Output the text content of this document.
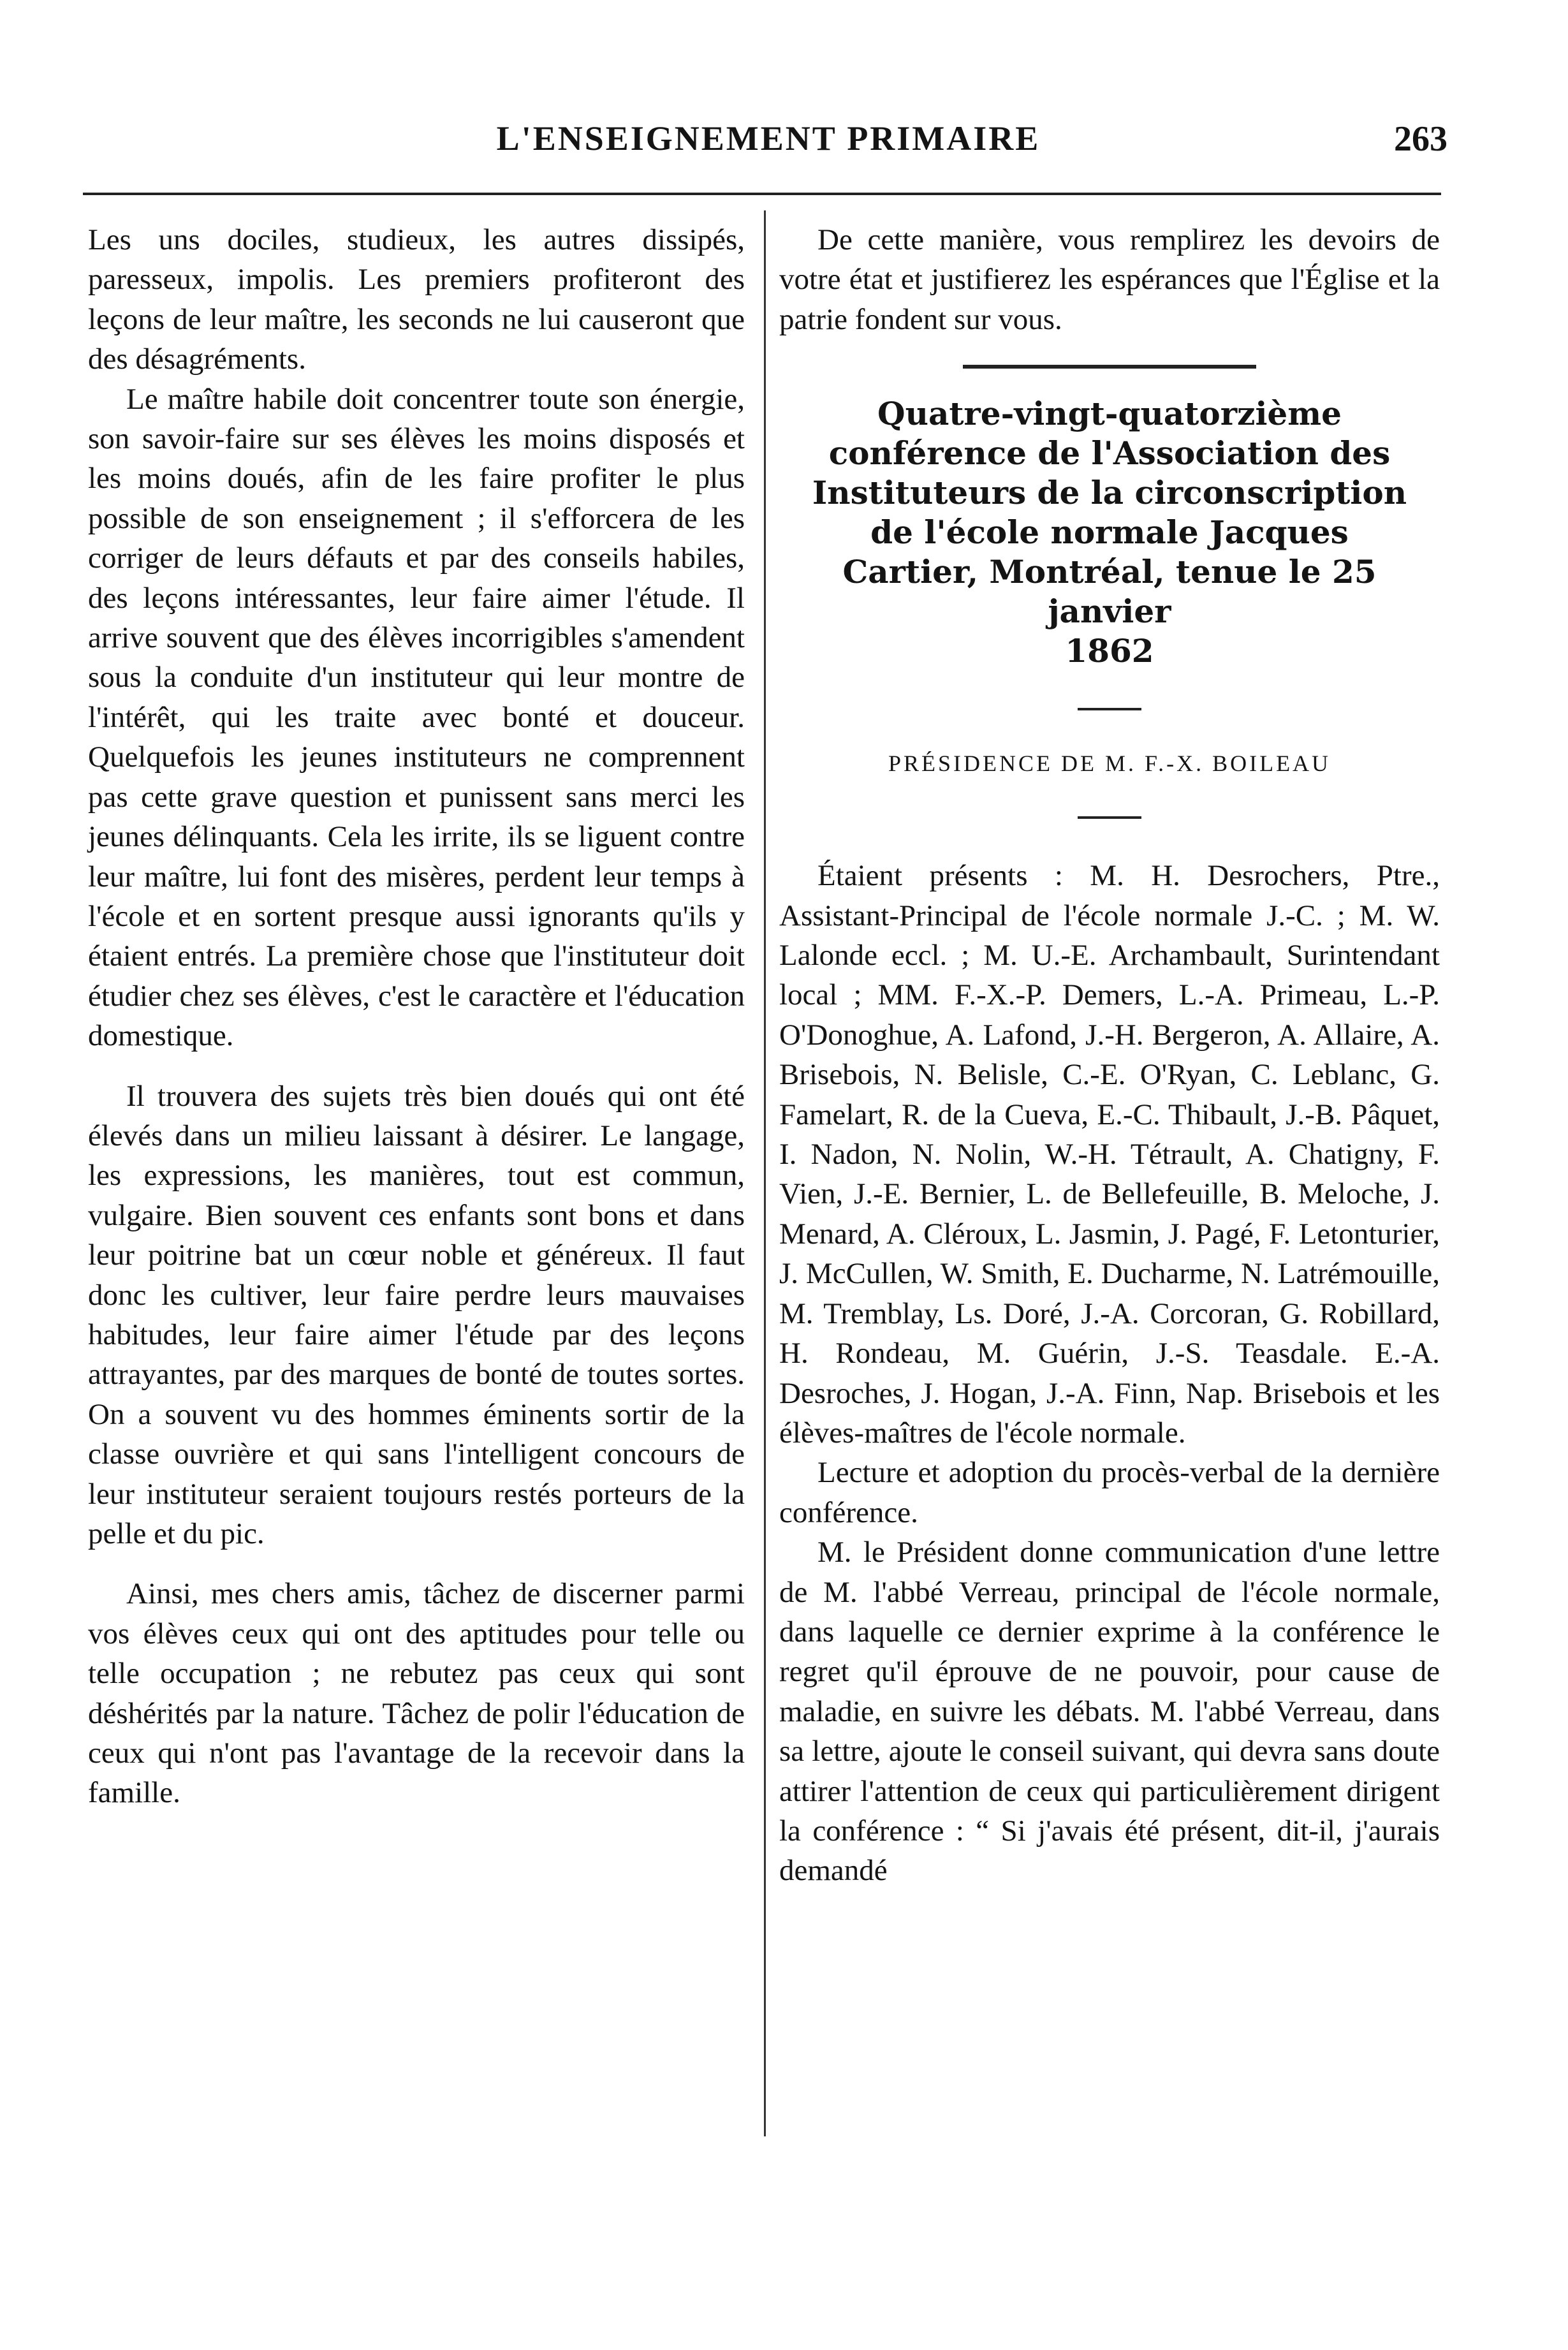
L'ENSEIGNEMENT PRIMAIRE	263

Les uns dociles, studieux, les autres dissipés, paresseux, impolis. Les premiers profiteront des leçons de leur maître, les seconds ne lui causeront que des désagréments.

Le maître habile doit concentrer toute son énergie, son savoir-faire sur ses élèves les moins disposés et les moins doués, afin de les faire profiter le plus possible de son enseignement ; il s'efforcera de les corriger de leurs défauts et par des conseils habiles, des leçons intéressantes, leur faire aimer l'étude. Il arrive souvent que des élèves incorrigibles s'amendent sous la conduite d'un instituteur qui leur montre de l'intérêt, qui les traite avec bonté et douceur. Quelquefois les jeunes instituteurs ne comprennent pas cette grave question et punissent sans merci les jeunes délinquants. Cela les irrite, ils se liguent contre leur maître, lui font des misères, perdent leur temps à l'école et en sortent presque aussi ignorants qu'ils y étaient entrés. La première chose que l'instituteur doit étudier chez ses élèves, c'est le caractère et l'éducation domestique.

Il trouvera des sujets très bien doués qui ont été élevés dans un milieu laissant à désirer. Le langage, les expressions, les manières, tout est commun, vulgaire. Bien souvent ces enfants sont bons et dans leur poitrine bat un cœur noble et généreux. Il faut donc les cultiver, leur faire perdre leurs mauvaises habitudes, leur faire aimer l'étude par des leçons attrayantes, par des marques de bonté de toutes sortes. On a souvent vu des hommes éminents sortir de la classe ouvrière et qui sans l'intelligent concours de leur instituteur seraient toujours restés porteurs de la pelle et du pic.

Ainsi, mes chers amis, tâchez de discerner parmi vos élèves ceux qui ont des aptitudes pour telle ou telle occupation ; ne rebutez pas ceux qui sont déshérités par la nature. Tâchez de polir l'éducation de ceux qui n'ont pas l'avantage de la recevoir dans la famille.

De cette manière, vous remplirez les devoirs de votre état et justifierez les espérances que l'Église et la patrie fondent sur vous.

Quatre-vingt-quatorzième conférence de l'Association des Instituteurs de la circonscription de l'école normale Jacques Cartier, Montréal, tenue le 25 janvier
1862
PRÉSIDENCE DE M. F.-X. BOILEAU

Étaient présents : M. H. Desrochers, Ptre., Assistant-Principal de l'école normale J.-C. ; M. W. Lalonde eccl. ; M. U.-E. Archambault, Surintendant local ; MM. F.-X.-P. Demers, L.-A. Primeau, L.-P. O'Donoghue, A. Lafond, J.-H. Bergeron, A. Allaire, A. Brisebois, N. Belisle, C.-E. O'Ryan, C. Leblanc, G. Famelart, R. de la Cueva, E.-C. Thibault, J.-B. Pâquet, I. Nadon, N. Nolin, W.-H. Tétrault, A. Chatigny, F. Vien, J.-E. Bernier, L. de Bellefeuille, B. Meloche, J. Menard, A. Cléroux, L. Jasmin, J. Pagé, F. Letonturier, J. McCullen, W. Smith, E. Ducharme, N. Latrémouille, M. Tremblay, Ls. Doré, J.-A. Corcoran, G. Robillard, H. Rondeau, M. Guérin, J.-S. Teasdale. E.-A. Desroches, J. Hogan, J.-A. Finn, Nap. Brisebois et les élèves-maîtres de l'école normale.

Lecture et adoption du procès-verbal de la dernière conférence.

M. le Président donne communication d'une lettre de M. l'abbé Verreau, principal de l'école normale, dans laquelle ce dernier exprime à la conférence le regret qu'il éprouve de ne pouvoir, pour cause de maladie, en suivre les débats. M. l'abbé Verreau, dans sa lettre, ajoute le conseil suivant, qui devra sans doute attirer l'attention de ceux qui particulièrement dirigent la conférence : “ Si j'avais été présent, dit-il, j'aurais demandé
